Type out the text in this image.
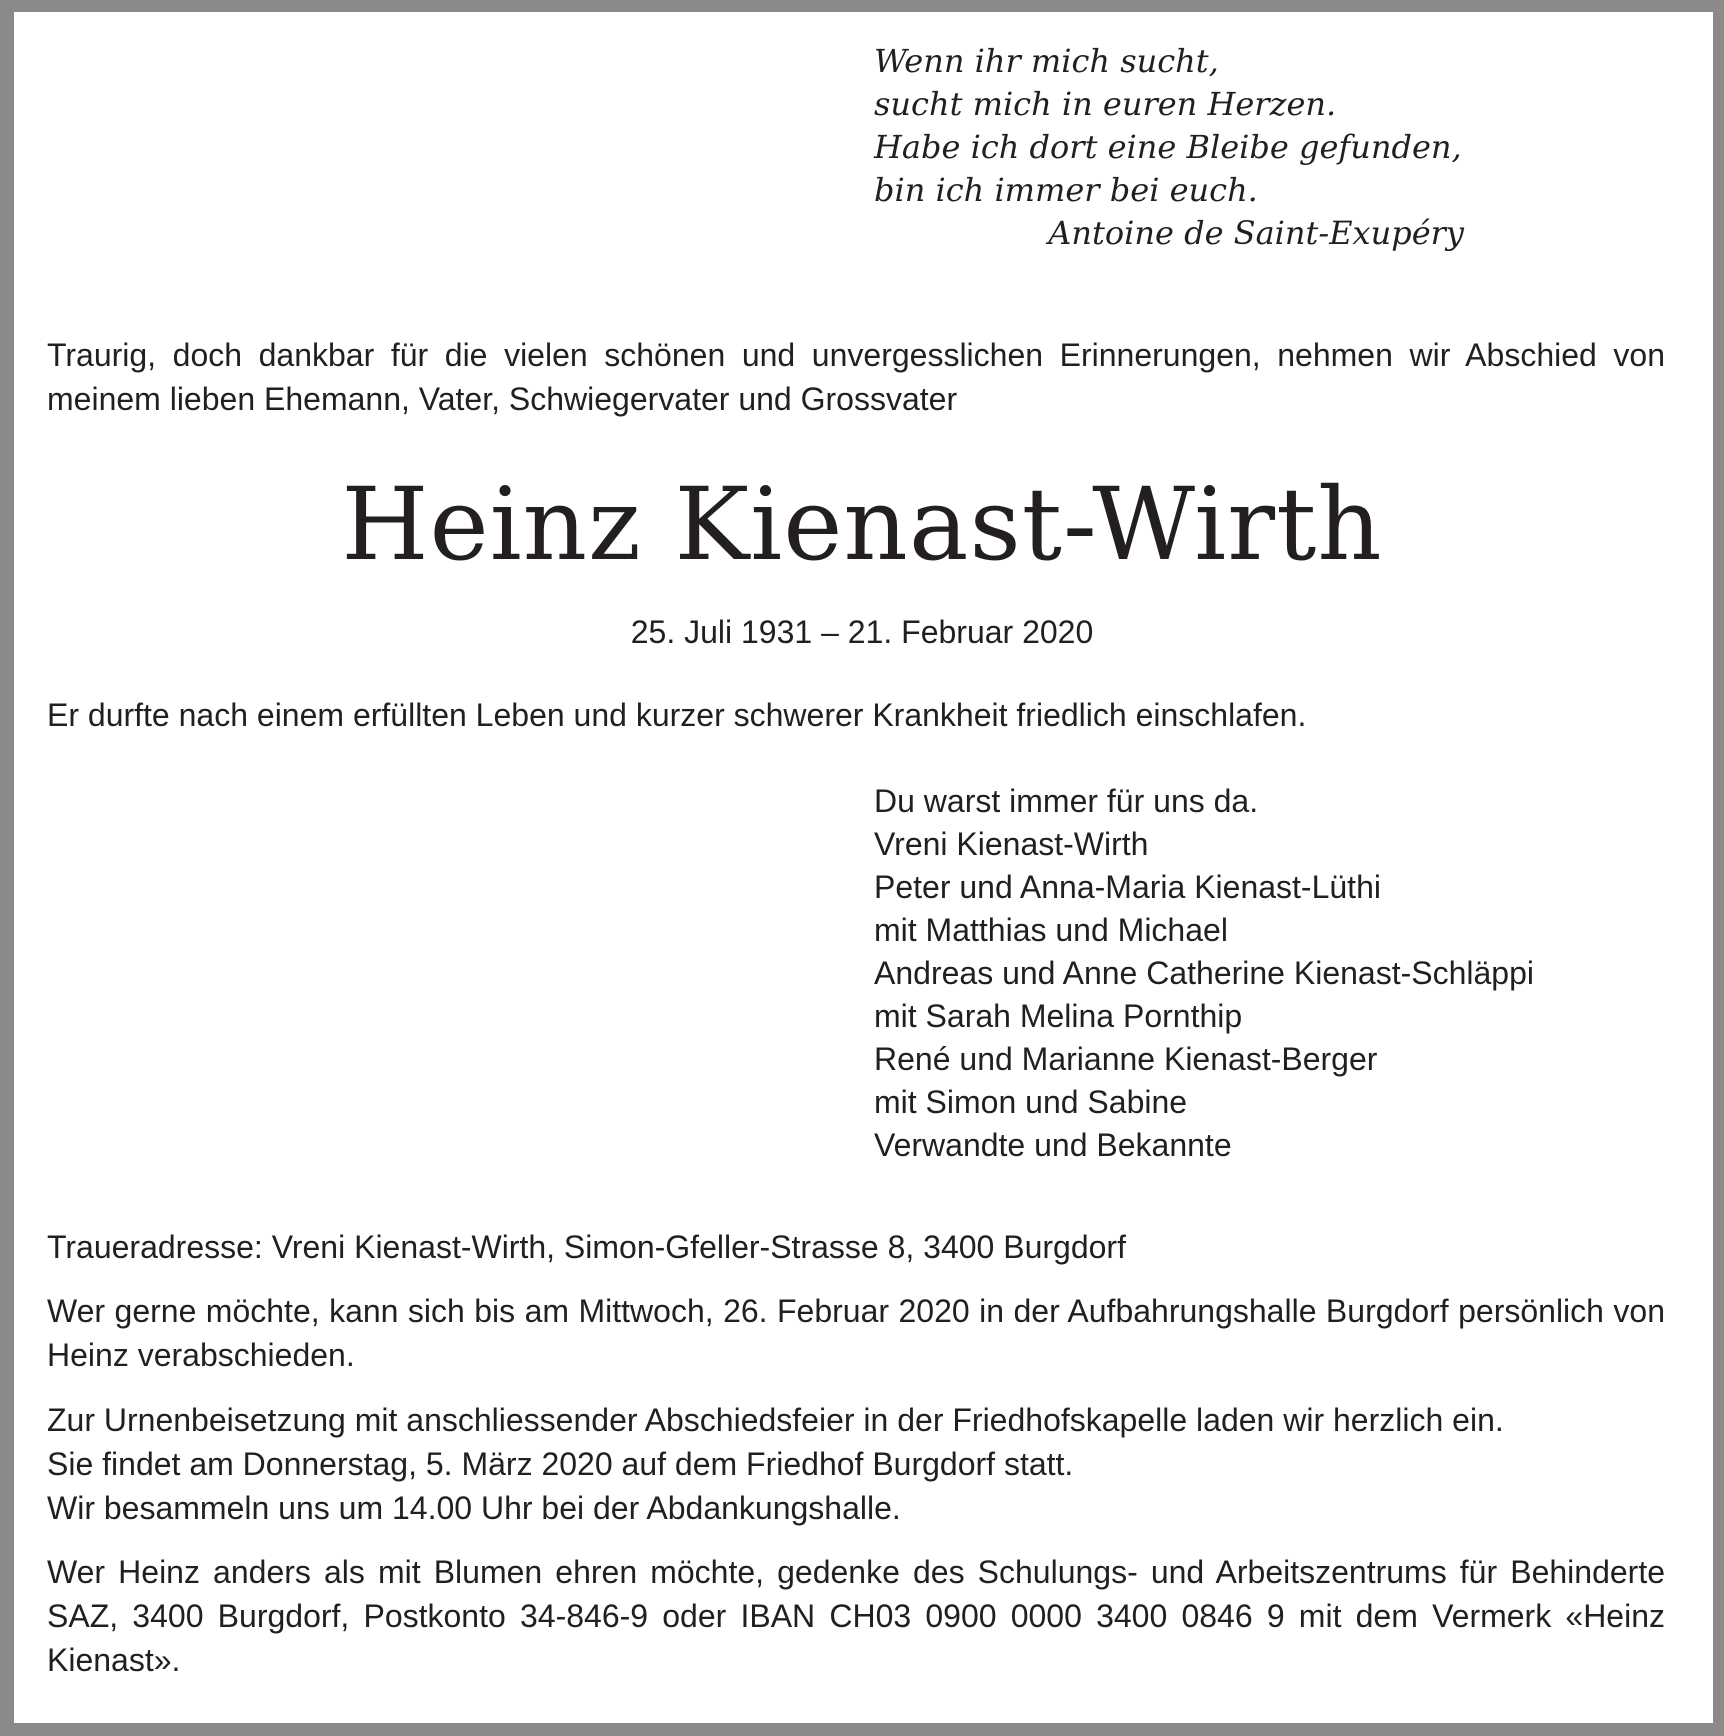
Wenn ihr mich sucht,
sucht mich in euren Herzen.
Habe ich dort eine Bleibe gefunden,
bin ich immer bei euch.
Antoine de Saint-Exupéry
Traurig, doch dankbar für die vielen schönen und unvergesslichen Erinnerungen, nehmen wir Abschied von meinem lieben Ehemann, Vater, Schwiegervater und Grossvater
Heinz Kienast-Wirth
25. Juli 1931 – 21. Februar 2020
Er durfte nach einem erfüllten Leben und kurzer schwerer Krankheit friedlich einschlafen.
Du warst immer für uns da.
Vreni Kienast-Wirth
Peter und Anna-Maria Kienast-Lüthi
mit Matthias und Michael
Andreas und Anne Catherine Kienast-Schläppi
mit Sarah Melina Pornthip
René und Marianne Kienast-Berger
mit Simon und Sabine
Verwandte und Bekannte
Traueradresse: Vreni Kienast-Wirth, Simon-Gfeller-Strasse 8, 3400 Burgdorf
Wer gerne möchte, kann sich bis am Mittwoch, 26. Februar 2020 in der Aufbahrungshalle Burgdorf persönlich von Heinz verabschieden.
Zur Urnenbeisetzung mit anschliessender Abschiedsfeier in der Friedhofskapelle laden wir herzlich ein.
Sie findet am Donnerstag, 5. März 2020 auf dem Friedhof Burgdorf statt.
Wir besammeln uns um 14.00 Uhr bei der Abdankungshalle.
Wer Heinz anders als mit Blumen ehren möchte, gedenke des Schulungs- und Arbeitszentrums für Behinderte SAZ, 3400 Burgdorf, Postkonto 34-846-9 oder IBAN CH03 0900 0000 3400 0846 9 mit dem Vermerk «Heinz Kienast».
